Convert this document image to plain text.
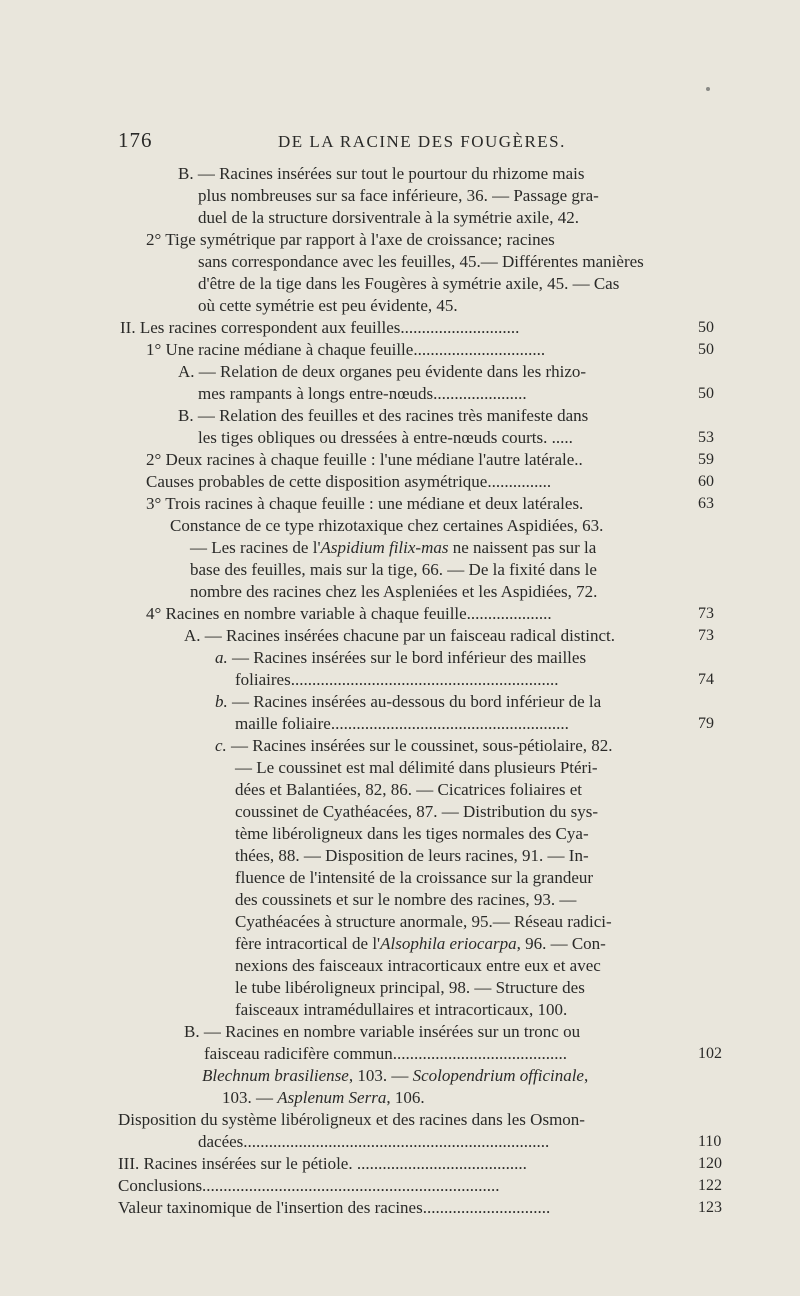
176	DE LA RACINE DES FOUGÈRES.
B. — Racines insérées sur tout le pourtour du rhizome mais
plus nombreuses sur sa face inférieure, 36. — Passage gra-
duel de la structure dorsiventrale à la symétrie axile, 42.
2° Tige symétrique par rapport à l'axe de croissance; racines
sans correspondance avec les feuilles, 45.— Différentes manières
d'être de la tige dans les Fougères à symétrie axile, 45. — Cas
où cette symétrie est peu évidente, 45.
II. Les racines correspondent aux feuilles............................	50
1° Une racine médiane à chaque feuille...............................	50
A. — Relation de deux organes peu évidente dans les rhizo-
mes rampants à longs entre-nœuds......................	50
B. — Relation des feuilles et des racines très manifeste dans
les tiges obliques ou dressées à entre-nœuds courts. .....	53
2° Deux racines à chaque feuille : l'une médiane l'autre latérale..	59
Causes probables de cette disposition asymétrique...............	60
3° Trois racines à chaque feuille : une médiane et deux latérales.	63
Constance de ce type rhizotaxique chez certaines Aspidiées, 63.
— Les racines de l'Aspidium filix-mas ne naissent pas sur la
base des feuilles, mais sur la tige, 66. — De la fixité dans le
nombre des racines chez les Aspleniées et les Aspidiées, 72.
4° Racines en nombre variable à chaque feuille....................	73
A. — Racines insérées chacune par un faisceau radical distinct.	73
a. — Racines insérées sur le bord inférieur des mailles
foliaires...............................................................	74
b. — Racines insérées au-dessous du bord inférieur de la
maille foliaire........................................................	79
c. — Racines insérées sur le coussinet, sous-pétiolaire, 82.
— Le coussinet est mal délimité dans plusieurs Ptéri-
dées et Balantiées, 82, 86. — Cicatrices foliaires et
coussinet de Cyathéacées, 87. — Distribution du sys-
tème libéroligneux dans les tiges normales des Cya-
thées, 88. — Disposition de leurs racines, 91. — In-
fluence de l'intensité de la croissance sur la grandeur
des coussinets et sur le nombre des racines, 93. —
Cyathéacées à structure anormale, 95.— Réseau radici-
fère intracortical de l'Alsophila eriocarpa, 96. — Con-
nexions des faisceaux intracorticaux entre eux et avec
le tube libéroligneux principal, 98. — Structure des
faisceaux intramédullaires et intracorticaux, 100.
B. — Racines en nombre variable insérées sur un tronc ou
faisceau radicifère commun.........................................	102
Blechnum brasiliense, 103. — Scolopendrium officinale,
103. — Asplenum Serra, 106.
Disposition du système libéroligneux et des racines dans les Osmon-
dacées........................................................................	110
III. Racines insérées sur le pétiole. ........................................	120
Conclusions......................................................................	122
Valeur taxinomique de l'insertion des racines..............................	123
